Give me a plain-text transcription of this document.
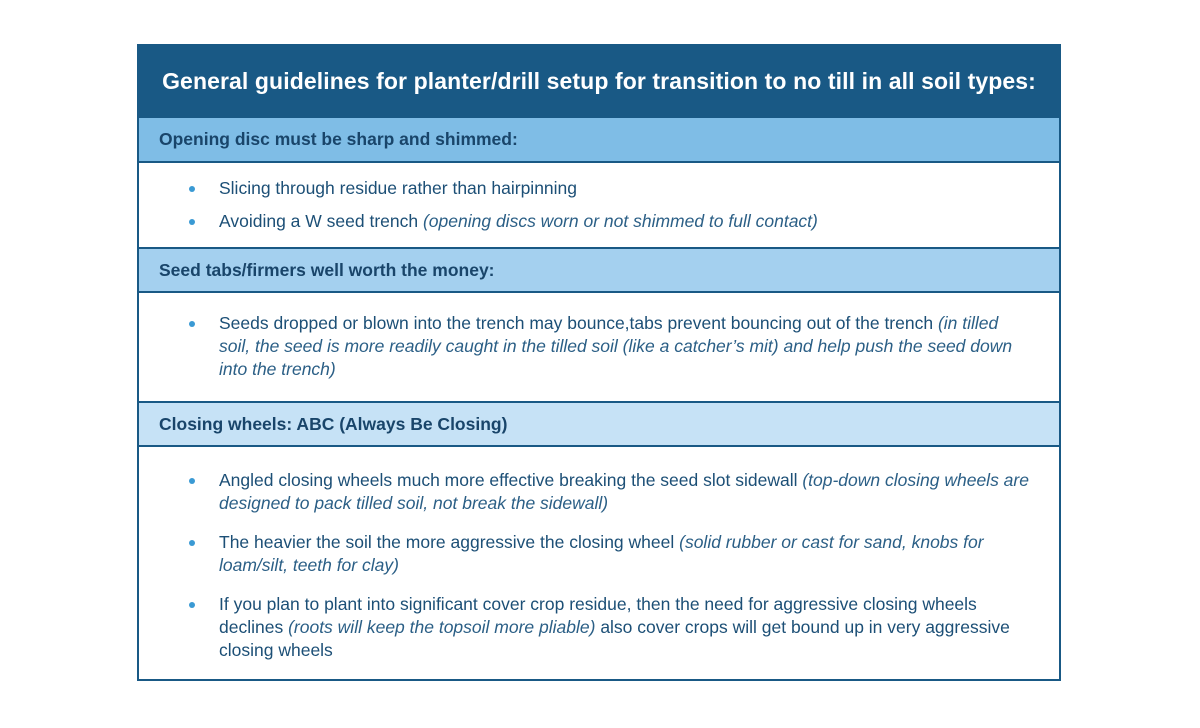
General guidelines for planter/drill setup for transition to no till in all soil types:
Opening disc must be sharp and shimmed:
Slicing through residue rather than hairpinning
Avoiding a W seed trench (opening discs worn or not shimmed to full contact)
Seed tabs/firmers well worth the money:
Seeds dropped or blown into the trench may bounce,tabs prevent bouncing out of the trench (in tilled soil, the seed is more readily caught in the tilled soil (like a catcher’s mit) and help push the seed down into the trench)
Closing wheels: ABC (Always Be Closing)
Angled closing wheels much more effective breaking the seed slot sidewall (top-down closing wheels are designed to pack tilled soil, not break the sidewall)
The heavier the soil the more aggressive the closing wheel (solid rubber or cast for sand, knobs for loam/silt, teeth for clay)
If you plan to plant into significant cover crop residue, then the need for aggressive closing wheels declines (roots will keep the topsoil more pliable) also cover crops will get bound up in very aggressive closing wheels
